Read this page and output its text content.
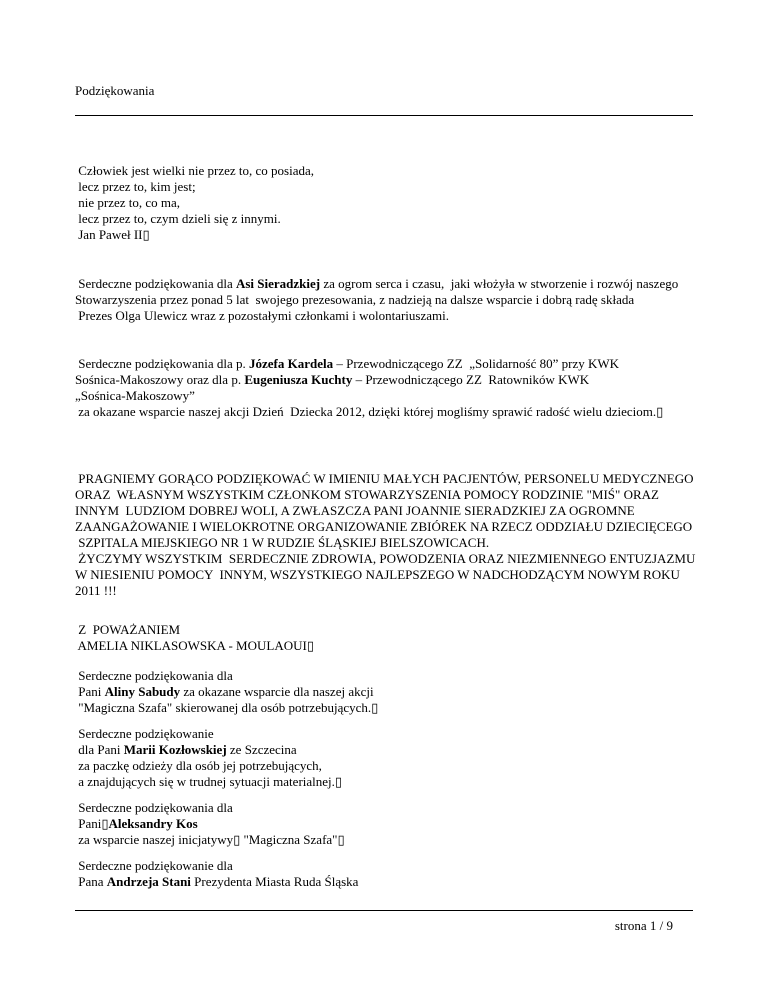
Podziękowania
Człowiek jest wielki nie przez to, co posiada,
lecz przez to, kim jest;
nie przez to, co ma,
lecz przez to, czym dzieli się z innymi.
Jan Paweł II▯
Serdeczne podziękowania dla Asi Sieradzkiej za ogrom serca i czasu,  jaki włożyła w stworzenie i rozwój naszego
Stowarzyszenia przez ponad 5 lat  swojego prezesowania, z nadzieją na dalsze wsparcie i dobrą radę składa
Prezes Olga Ulewicz wraz z pozostałymi członkami i wolontariuszami.
Serdeczne podziękowania dla p. Józefa Kardela – Przewodniczącego ZZ  „Solidarność 80” przy KWK
Sośnica-Makoszowy oraz dla p. Eugeniusza Kuchty – Przewodniczącego ZZ  Ratowników KWK
„Sośnica-Makoszowy”
za okazane wsparcie naszej akcji Dzień  Dziecka 2012, dzięki której mogliśmy sprawić radość wielu dzieciom.▯
PRAGNIEMY GORĄCO PODZIĘKOWAĆ W IMIENIU MAŁYCH PACJENTÓW, PERSONELU MEDYCZNEGO
ORAZ  WŁASNYM WSZYSTKIM CZŁONKOM STOWARZYSZENIA POMOCY RODZINIE "MIŚ" ORAZ
INNYM  LUDZIOM DOBREJ WOLI, A ZWŁASZCZA PANI JOANNIE SIERADZKIEJ ZA OGROMNE
ZAANGAŻOWANIE I WIELOKROTNE ORGANIZOWANIE ZBIÓREK NA RZECZ ODDZIAŁU DZIECIĘCEGO
SZPITALA MIEJSKIEGO NR 1 W RUDZIE ŚLĄSKIEJ BIELSZOWICACH.
ŻYCZYMY WSZYSTKIM  SERDECZNIE ZDROWIA, POWODZENIA ORAZ NIEZMIENNEGO ENTUZJAZMU
W NIESIENIU POMOCY  INNYM, WSZYSTKIEGO NAJLEPSZEGO W NADCHODZĄCYM NOWYM ROKU
2011 !!!
Z  POWAŻANIEM
AMELIA NIKLASOWSKA - MOULAOUI▯
Serdeczne podziękowania dla
Pani Aliny Sabudy za okazane wsparcie dla naszej akcji
"Magiczna Szafa" skierowanej dla osób potrzebujących.▯
Serdeczne podziękowanie
dla Pani Marii Kozłowskiej ze Szczecina
za paczkę odzieży dla osób jej potrzebujących,
a znajdujących się w trudnej sytuacji materialnej.▯
Serdeczne podziękowania dla
Pani▯Aleksandry Kos
za wsparcie naszej inicjatywy▯ "Magiczna Szafa"▯
Serdeczne podziękowanie dla
Pana Andrzeja Stani Prezydenta Miasta Ruda Śląska
strona 1 / 9
